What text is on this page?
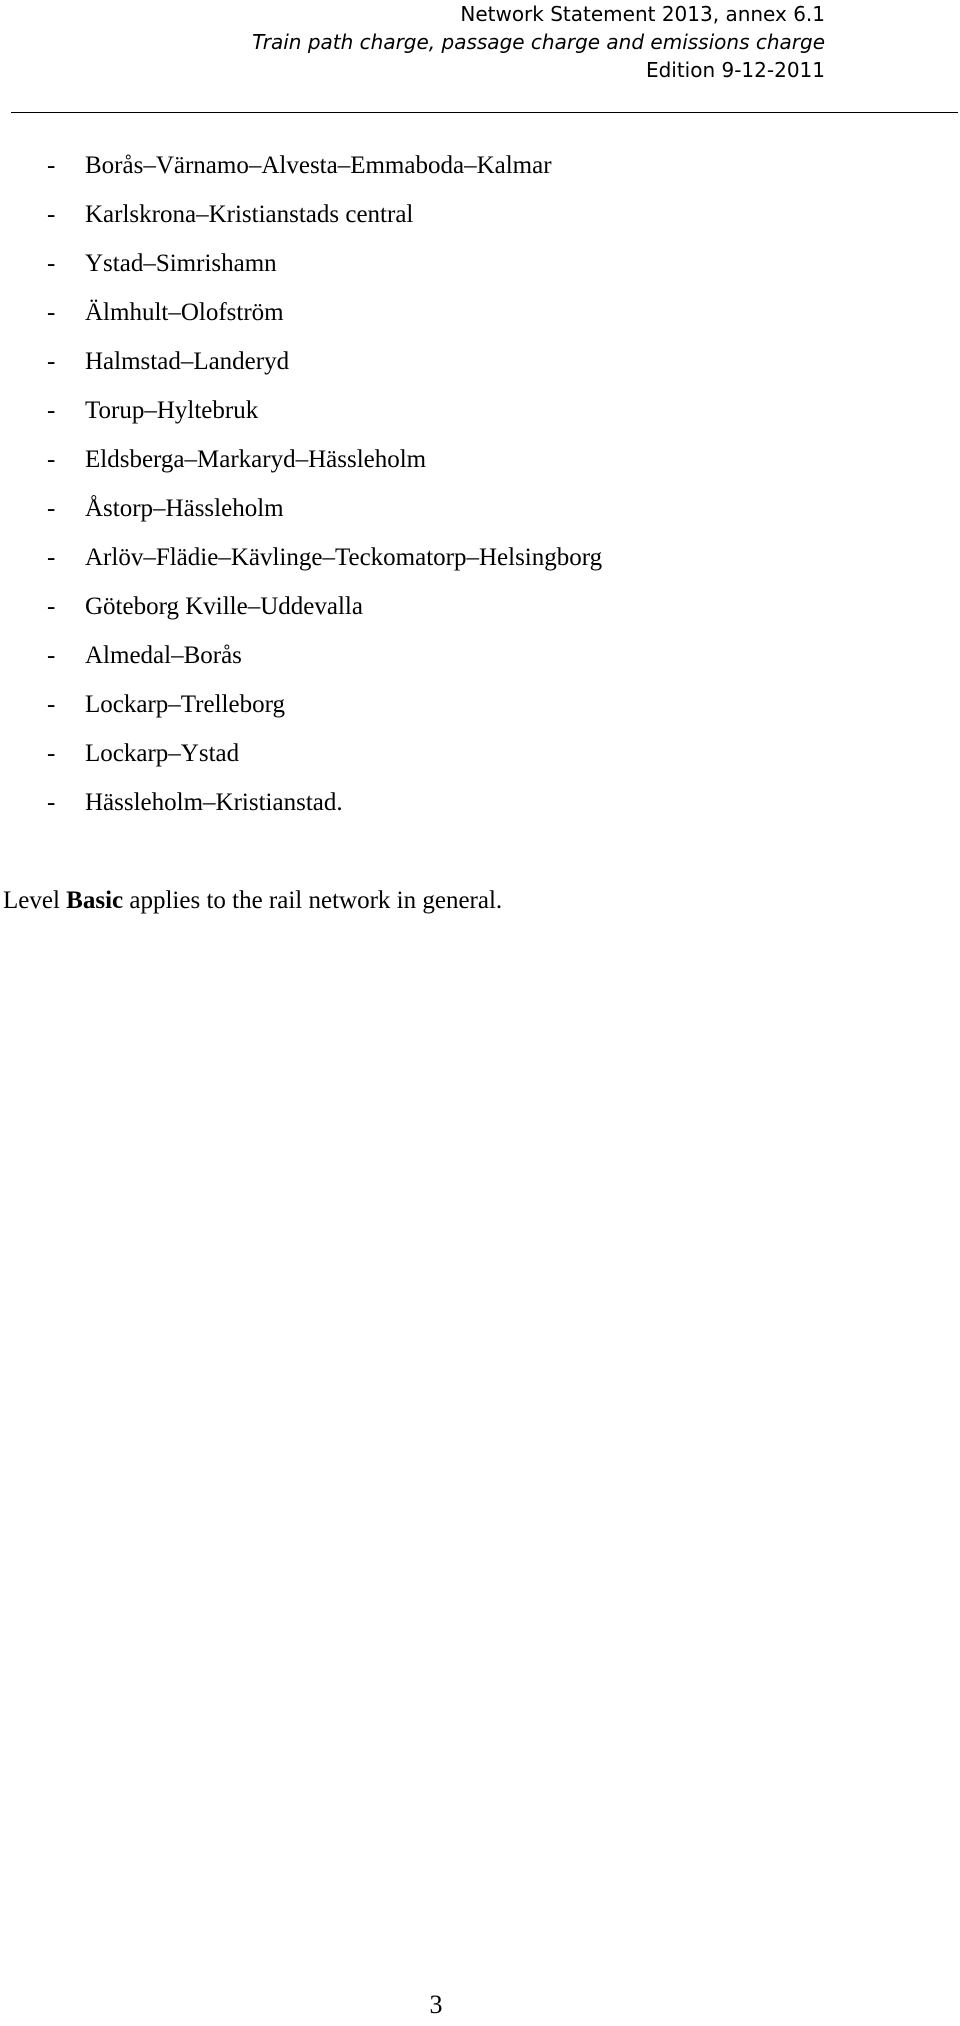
Network Statement 2013, annex 6.1
Train path charge, passage charge and emissions charge
Edition 9-12-2011
- Borås–Värnamo–Alvesta–Emmaboda–Kalmar
- Karlskrona–Kristianstads central
- Ystad–Simrishamn
- Älmhult–Olofström
- Halmstad–Landeryd
- Torup–Hyltebruk
- Eldsberga–Markaryd–Hässleholm
- Åstorp–Hässleholm
- Arlöv–Flädie–Kävlinge–Teckomatorp–Helsingborg
- Göteborg Kville–Uddevalla
- Almedal–Borås
- Lockarp–Trelleborg
- Lockarp–Ystad
- Hässleholm–Kristianstad.

Level Basic applies to the rail network in general.

3
